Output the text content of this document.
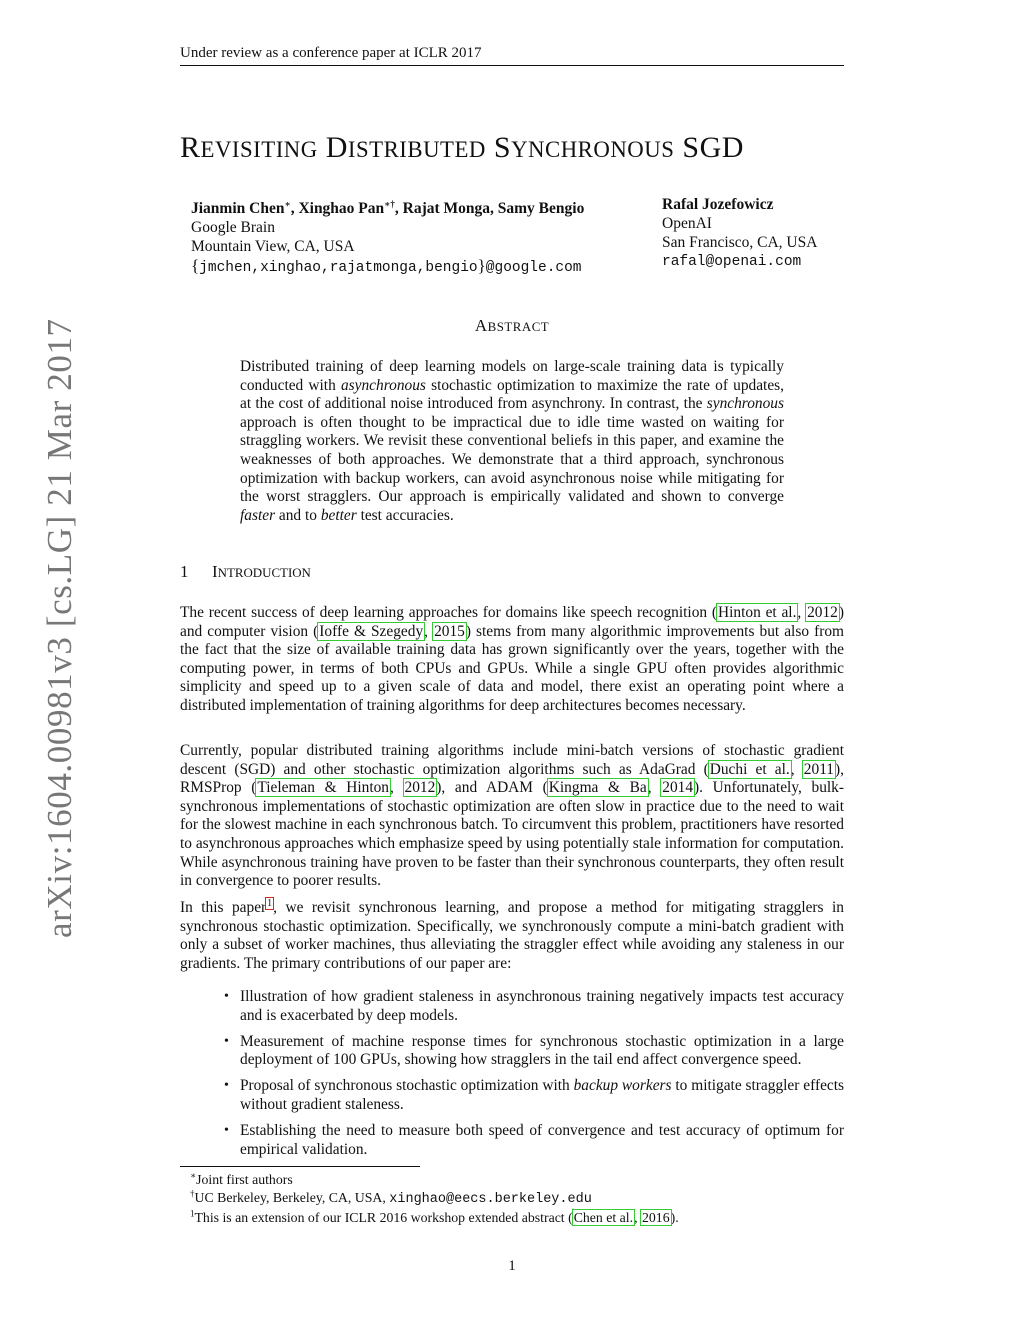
Under review as a conference paper at ICLR 2017
arXiv:1604.00981v3 [cs.LG] 21 Mar 2017
REVISITING DISTRIBUTED SYNCHRONOUS SGD
Jianmin Chen∗, Xinghao Pan∗†, Rajat Monga, Samy Bengio
Google Brain
Mountain View, CA, USA
{jmchen,xinghao,rajatmonga,bengio}@google.com
Rafal Jozefowicz
OpenAI
San Francisco, CA, USA
rafal@openai.com
ABSTRACT
Distributed training of deep learning models on large-scale training data is typically conducted with asynchronous stochastic optimization to maximize the rate of updates, at the cost of additional noise introduced from asynchrony. In contrast, the synchronous approach is often thought to be impractical due to idle time wasted on waiting for straggling workers. We revisit these conventional beliefs in this paper, and examine the weaknesses of both approaches. We demonstrate that a third approach, synchronous optimization with backup workers, can avoid asynchronous noise while mitigating for the worst stragglers. Our approach is empirically validated and shown to converge faster and to better test accuracies.
1 INTRODUCTION
The recent success of deep learning approaches for domains like speech recognition (Hinton et al., 2012) and computer vision (Ioffe & Szegedy, 2015) stems from many algorithmic improvements but also from the fact that the size of available training data has grown significantly over the years, together with the computing power, in terms of both CPUs and GPUs. While a single GPU often provides algorithmic simplicity and speed up to a given scale of data and model, there exist an operating point where a distributed implementation of training algorithms for deep architectures becomes necessary.
Currently, popular distributed training algorithms include mini-batch versions of stochastic gradient descent (SGD) and other stochastic optimization algorithms such as AdaGrad (Duchi et al., 2011), RMSProp (Tieleman & Hinton, 2012), and ADAM (Kingma & Ba, 2014). Unfortunately, bulk-synchronous implementations of stochastic optimization are often slow in practice due to the need to wait for the slowest machine in each synchronous batch. To circumvent this problem, practitioners have resorted to asynchronous approaches which emphasize speed by using potentially stale information for computation. While asynchronous training have proven to be faster than their synchronous counterparts, they often result in convergence to poorer results.
In this paper$^1$, we revisit synchronous learning, and propose a method for mitigating stragglers in synchronous stochastic optimization. Specifically, we synchronously compute a mini-batch gradient with only a subset of worker machines, thus alleviating the straggler effect while avoiding any staleness in our gradients. The primary contributions of our paper are:
• Illustration of how gradient staleness in asynchronous training negatively impacts test accuracy and is exacerbated by deep models.
• Measurement of machine response times for synchronous stochastic optimization in a large deployment of 100 GPUs, showing how stragglers in the tail end affect convergence speed.
• Proposal of synchronous stochastic optimization with backup workers to mitigate straggler effects without gradient staleness.
• Establishing the need to measure both speed of convergence and test accuracy of optimum for empirical validation.
∗Joint first authors
†UC Berkeley, Berkeley, CA, USA, xinghao@eecs.berkeley.edu
$^1$This is an extension of our ICLR 2016 workshop extended abstract (Chen et al., 2016).
1
